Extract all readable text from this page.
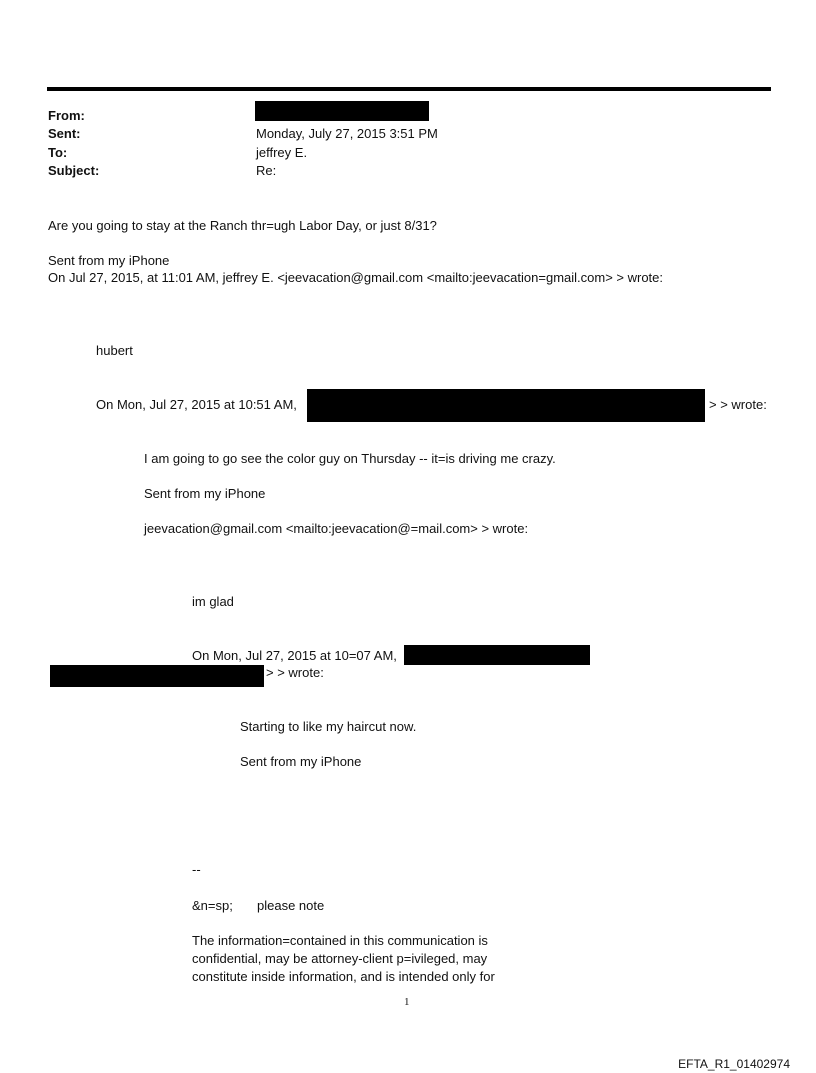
From:
Sent:	Monday, July 27, 2015 3:51 PM
To:	jeffrey E.
Subject:	Re:
Are you going to stay at the Ranch thr=ugh Labor Day, or just 8/31?
Sent from my iPhone
On Jul 27, 2015, at 11:01 AM, jeffrey E. <jeevacation@gmail.com <mailto:jeevacation=gmail.com> > wrote:
hubert
On Mon, Jul 27, 2015 at 10:51 AM,	> > wrote:
I am going to go see the color guy on Thursday -- it=is driving me crazy.
Sent from my iPhone
jeevacation@gmail.com <mailto:jeevacation@=mail.com> > wrote:
im glad
On Mon, Jul 27, 2015 at 10=07 AM,
> > wrote:
Starting to like my haircut now.
Sent from my iPhone
--
&n=sp; please note
The information=contained in this communication is
confidential, may be attorney-client p=ivileged, may
constitute inside information, and is intended only for
1
EFTA_R1_01402974
